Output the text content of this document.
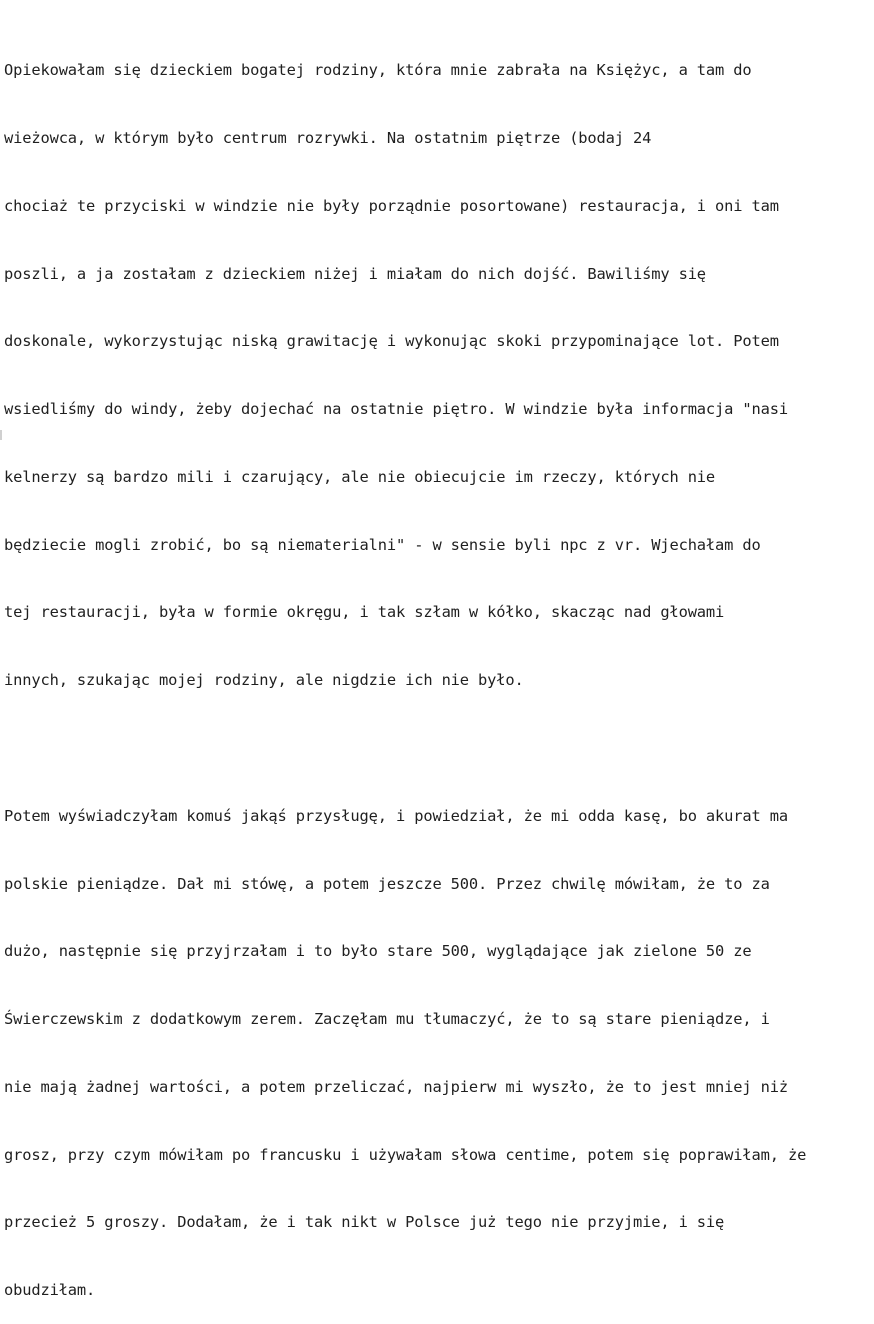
Opiekowałam się dzieckiem bogatej rodziny, która mnie zabrała na Księżyc, a tam do

wieżowca, w którym było centrum rozrywki. Na ostatnim piętrze (bodaj 24

chociaż te przyciski w windzie nie były porządnie posortowane) restauracja, i oni tam

poszli, a ja zostałam z dzieckiem niżej i miałam do nich dojść. Bawiliśmy się

doskonale, wykorzystując niską grawitację i wykonując skoki przypominające lot. Potem

wsiedliśmy do windy, żeby dojechać na ostatnie piętro. W windzie była informacja "nasi

kelnerzy są bardzo mili i czarujący, ale nie obiecujcie im rzeczy, których nie

będziecie mogli zrobić, bo są niematerialni" - w sensie byli npc z vr. Wjechałam do

tej restauracji, była w formie okręgu, i tak szłam w kółko, skacząc nad głowami

innych, szukając mojej rodziny, ale nigdzie ich nie było.

Potem wyświadczyłam komuś jakąś przysługę, i powiedział, że mi odda kasę, bo akurat ma

polskie pieniądze. Dał mi stówę, a potem jeszcze 500. Przez chwilę mówiłam, że to za

dużo, następnie się przyjrzałam i to było stare 500, wyglądające jak zielone 50 ze

Świerczewskim z dodatkowym zerem. Zaczęłam mu tłumaczyć, że to są stare pieniądze, i

nie mają żadnej wartości, a potem przeliczać, najpierw mi wyszło, że to jest mniej niż

grosz, przy czym mówiłam po francusku i używałam słowa centime, potem się poprawiłam, że

przecież 5 groszy. Dodałam, że i tak nikt w Polsce już tego nie przyjmie, i się

obudziłam.
